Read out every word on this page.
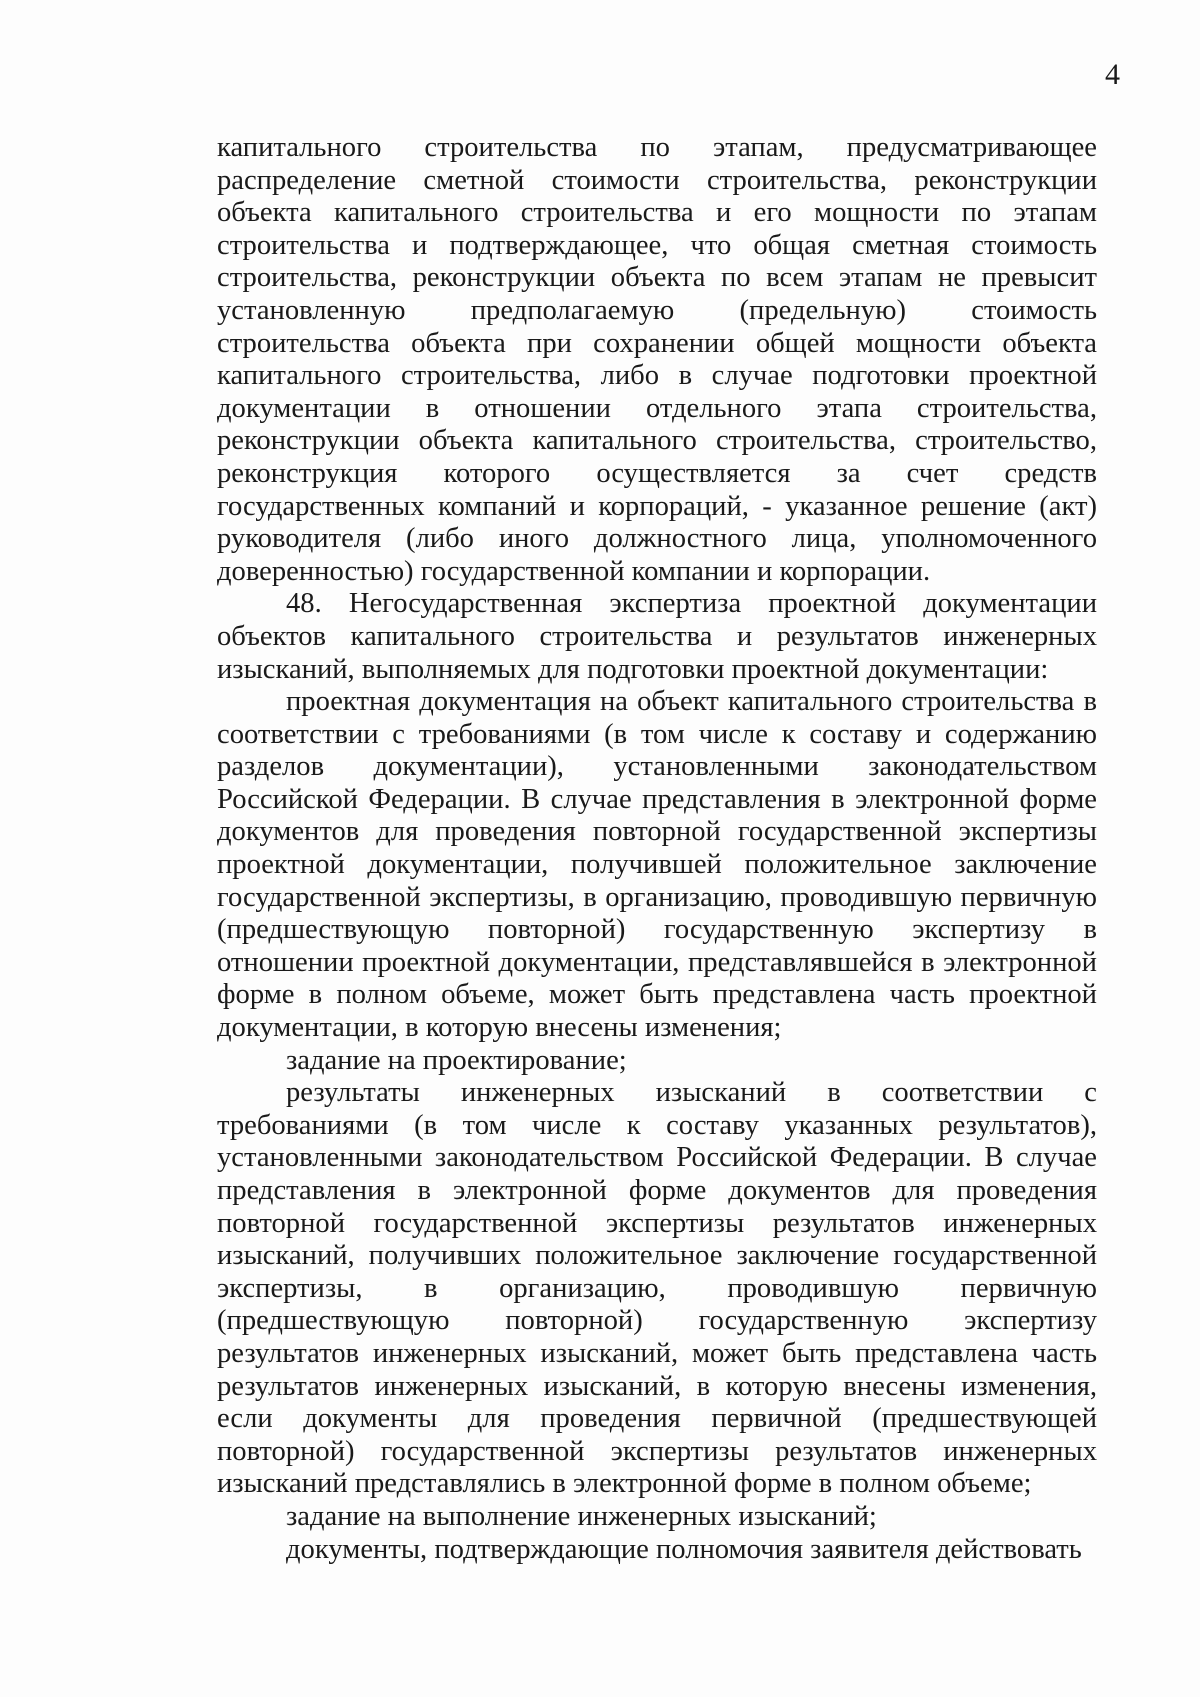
4

капитального строительства по этапам, предусматривающее распределение сметной стоимости строительства, реконструкции объекта капитального строительства и его мощности по этапам строительства и подтверждающее, что общая сметная стоимость строительства, реконструкции объекта по всем этапам не превысит установленную предполагаемую (предельную) стоимость строительства объекта при сохранении общей мощности объекта капитального строительства, либо в случае подготовки проектной документации в отношении отдельного этапа строительства, реконструкции объекта капитального строительства, строительство, реконструкция которого осуществляется за счет средств государственных компаний и корпораций, - указанное решение (акт) руководителя (либо иного должностного лица, уполномоченного доверенностью) государственной компании и корпорации.

48. Негосударственная экспертиза проектной документации объектов капитального строительства и результатов инженерных изысканий, выполняемых для подготовки проектной документации:

проектная документация на объект капитального строительства в соответствии с требованиями (в том числе к составу и содержанию разделов документации), установленными законодательством Российской Федерации. В случае представления в электронной форме документов для проведения повторной государственной экспертизы проектной документации, получившей положительное заключение государственной экспертизы, в организацию, проводившую первичную (предшествующую повторной) государственную экспертизу в отношении проектной документации, представлявшейся в электронной форме в полном объеме, может быть представлена часть проектной документации, в которую внесены изменения;

задание на проектирование;

результаты инженерных изысканий в соответствии с требованиями (в том числе к составу указанных результатов), установленными законодательством Российской Федерации. В случае представления в электронной форме документов для проведения повторной государственной экспертизы результатов инженерных изысканий, получивших положительное заключение государственной экспертизы, в организацию, проводившую первичную (предшествующую повторной) государственную экспертизу результатов инженерных изысканий, может быть представлена часть результатов инженерных изысканий, в которую внесены изменения, если документы для проведения первичной (предшествующей повторной) государственной экспертизы результатов инженерных изысканий представлялись в электронной форме в полном объеме;

задание на выполнение инженерных изысканий;

документы, подтверждающие полномочия заявителя действовать
